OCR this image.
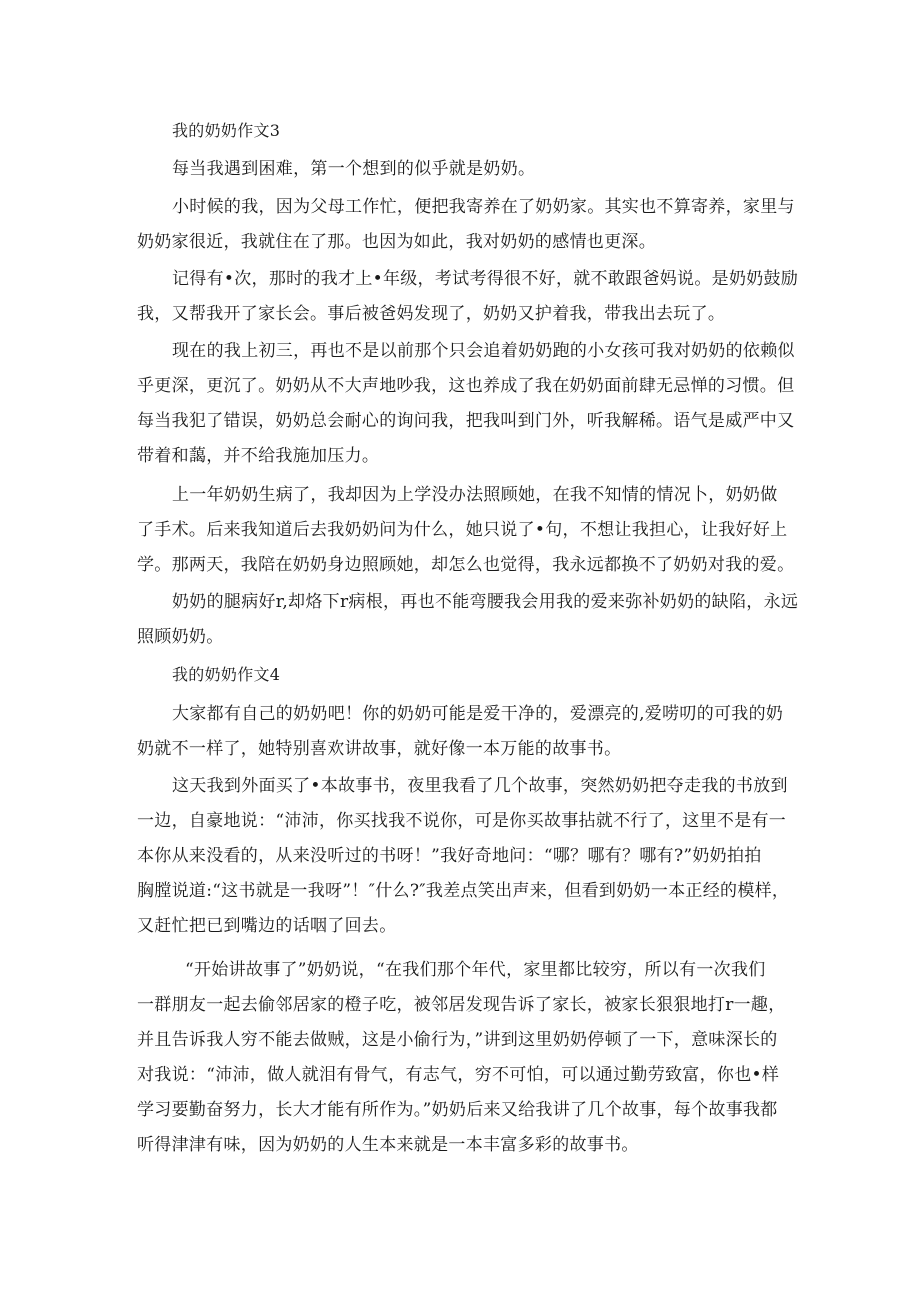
我的奶奶作文3
每当我遇到困难，第一个想到的似乎就是奶奶。
小时候的我，因为父母工作忙，便把我寄养在了奶奶家。其实也不算寄养，家里与
奶奶家很近，我就住在了那。也因为如此，我对奶奶的感情也更深。
记得有•次，那时的我才上•年级，考试考得很不好，就不敢跟爸妈说。是奶奶鼓励
我，又帮我开了家长会。事后被爸妈发现了，奶奶又护着我，带我出去玩了。
现在的我上初三，再也不是以前那个只会追着奶奶跑的小女孩可我对奶奶的依赖似
乎更深，更沉了。奶奶从不大声地吵我，这也养成了我在奶奶面前肆无忌惮的习惯。但
每当我犯了错误，奶奶总会耐心的询问我，把我叫到门外，听我解稀。语气是威严中又
带着和藹，并不给我施加压力。
上一年奶奶生病了，我却因为上学没办法照顾她，在我不知情的情况卜，奶奶做
了手术。后来我知道后去我奶奶问为什么，她只说了•句，不想让我担心，让我好好上
学。那两天，我陪在奶奶身边照顾她，却怎么也觉得，我永远都换不了奶奶对我的爱。
奶奶的腿病好r,却烙下r病根，再也不能弯腰我会用我的爱来弥补奶奶的缺陷，永远
照顾奶奶。
我的奶奶作文4
大家都有自己的奶奶吧！你的奶奶可能是爱干净的，爱漂亮的,爱唠叨的可我的奶
奶就不一样了，她特别喜欢讲故事，就好像一本万能的故事书。
这天我到外面买了•本故事书，夜里我看了几个故事，突然奶奶把夺走我的书放到
一边，自豪地说：“沛沛，你买找我不说你，可是你买故事拈就不行了，这里不是有一
本你从来没看的，从来没听过的书呀！”我好奇地问：“哪？哪有？哪有?”奶奶拍拍
胸膛说道:“这书就是一我呀”！″什么?″我差点笑出声来，但看到奶奶一本正经的模样，
又赶忙把已到嘴边的话咽了回去。
“开始讲故事了”奶奶说，“在我们那个年代，家里都比较穷，所以有一次我们
一群朋友一起去偷邻居家的橙子吃，被邻居发现告诉了家长，被家长狠狠地打r一趣，
并且告诉我人穷不能去做贼，这是小偷行为，”讲到这里奶奶停顿了一下，意味深长的
对我说：“沛沛，做人就泪有骨气，有志气，穷不可怕，可以通过勤劳致富，你也•样
学习要勤奋努力，长大才能有所作为。”奶奶后来又给我讲了几个故事，每个故事我都
听得津津有味，因为奶奶的人生本来就是一本丰富多彩的故事书。
